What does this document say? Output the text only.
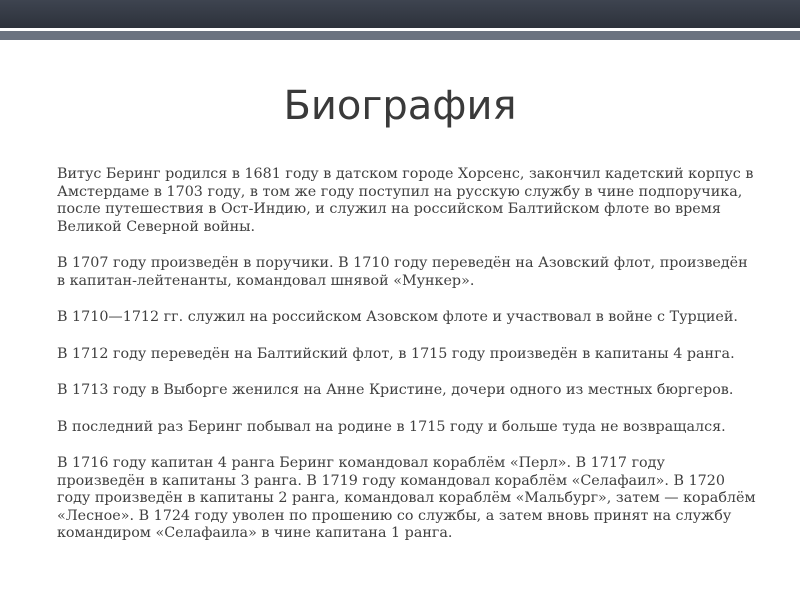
Биография

Витус Беринг родился в 1681 году в датском городе Хорсенс, закончил кадетский корпус в Амстердаме в 1703 году, в том же году поступил на русскую службу в чине подпоручика, после путешествия в Ост-Индию, и служил на российском Балтийском флоте во время Великой Северной войны.

В 1707 году произведён в поручики. В 1710 году переведён на Азовский флот, произведён в капитан-лейтенанты, командовал шнявой «Мункер».

В 1710—1712 гг. служил на российском Азовском флоте и участвовал в войне с Турцией.

В 1712 году переведён на Балтийский флот, в 1715 году произведён в капитаны 4 ранга.

В 1713 году в Выборге женился на Анне Кристине, дочери одного из местных бюргеров.

В последний раз Беринг побывал на родине в 1715 году и больше туда не возвращался.

В 1716 году капитан 4 ранга Беринг командовал кораблём «Перл». В 1717 году произведён в капитаны 3 ранга. В 1719 году командовал кораблём «Селафаил». В 1720 году произведён в капитаны 2 ранга, командовал кораблём «Мальбург», затем — кораблём «Лесное». В 1724 году уволен по прошению со службы, а затем вновь принят на службу командиром «Селафаила» в чине капитана 1 ранга.
